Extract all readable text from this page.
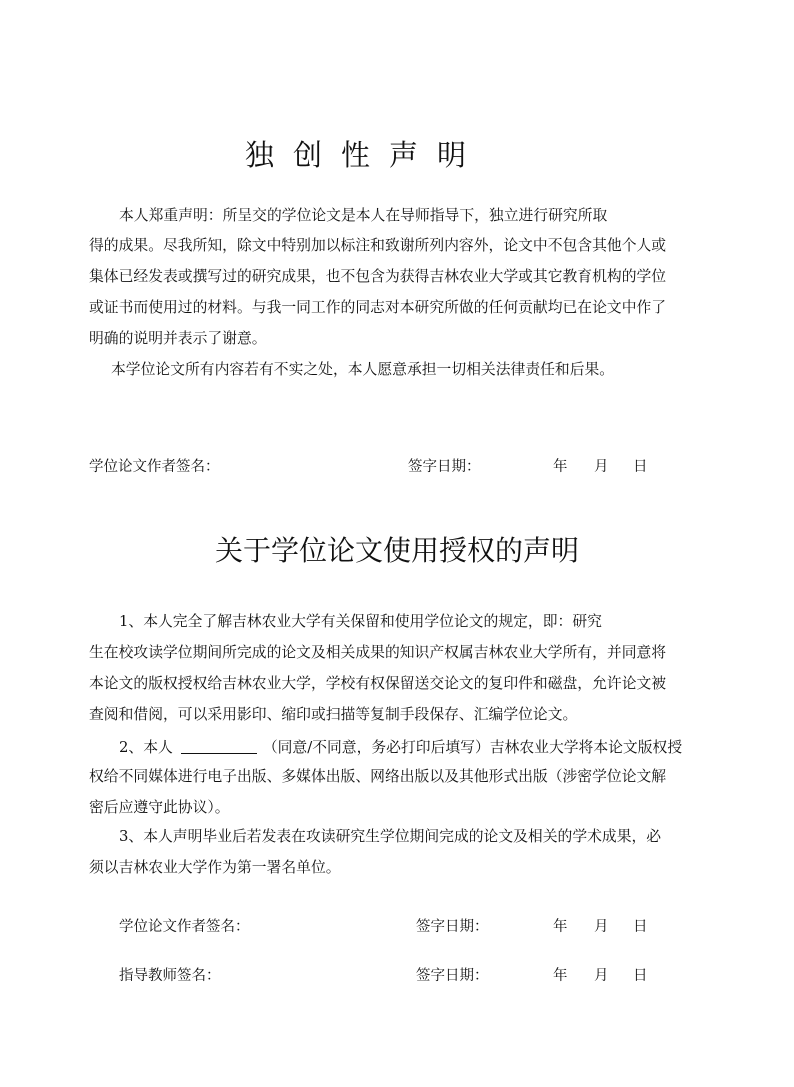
独创性声明
本人郑重声明：所呈交的学位论文是本人在导师指导下，独立进行研究所取
得的成果。尽我所知，除文中特别加以标注和致谢所列内容外，论文中不包含其他个人或
集体已经发表或撰写过的研究成果，也不包含为获得吉林农业大学或其它教育机构的学位
或证书而使用过的材料。与我一同工作的同志对本研究所做的任何贡献均已在论文中作了
明确的说明并表示了谢意。
本学位论文所有内容若有不实之处，本人愿意承担一切相关法律责任和后果。
学位论文作者签名：	签字日期：	年 月 日
关于学位论文使用授权的声明
1、本人完全了解吉林农业大学有关保留和使用学位论文的规定，即：研究
生在校攻读学位期间所完成的论文及相关成果的知识产权属吉林农业大学所有，并同意将
本论文的版权授权给吉林农业大学，学校有权保留送交论文的复印件和磁盘，允许论文被
查阅和借阅，可以采用影印、缩印或扫描等复制手段保存、汇编学位论文。
2、本人	（同意/不同意，务必打印后填写）吉林农业大学将本论文版权授
权给不同媒体进行电子出版、多媒体出版、网络出版以及其他形式出版（涉密学位论文解
密后应遵守此协议）。
3、本人声明毕业后若发表在攻读研究生学位期间完成的论文及相关的学术成果，必
须以吉林农业大学作为第一署名单位。
学位论文作者签名：	签字日期：	年 月 日
指导教师签名：	签字日期：	年 月 日
